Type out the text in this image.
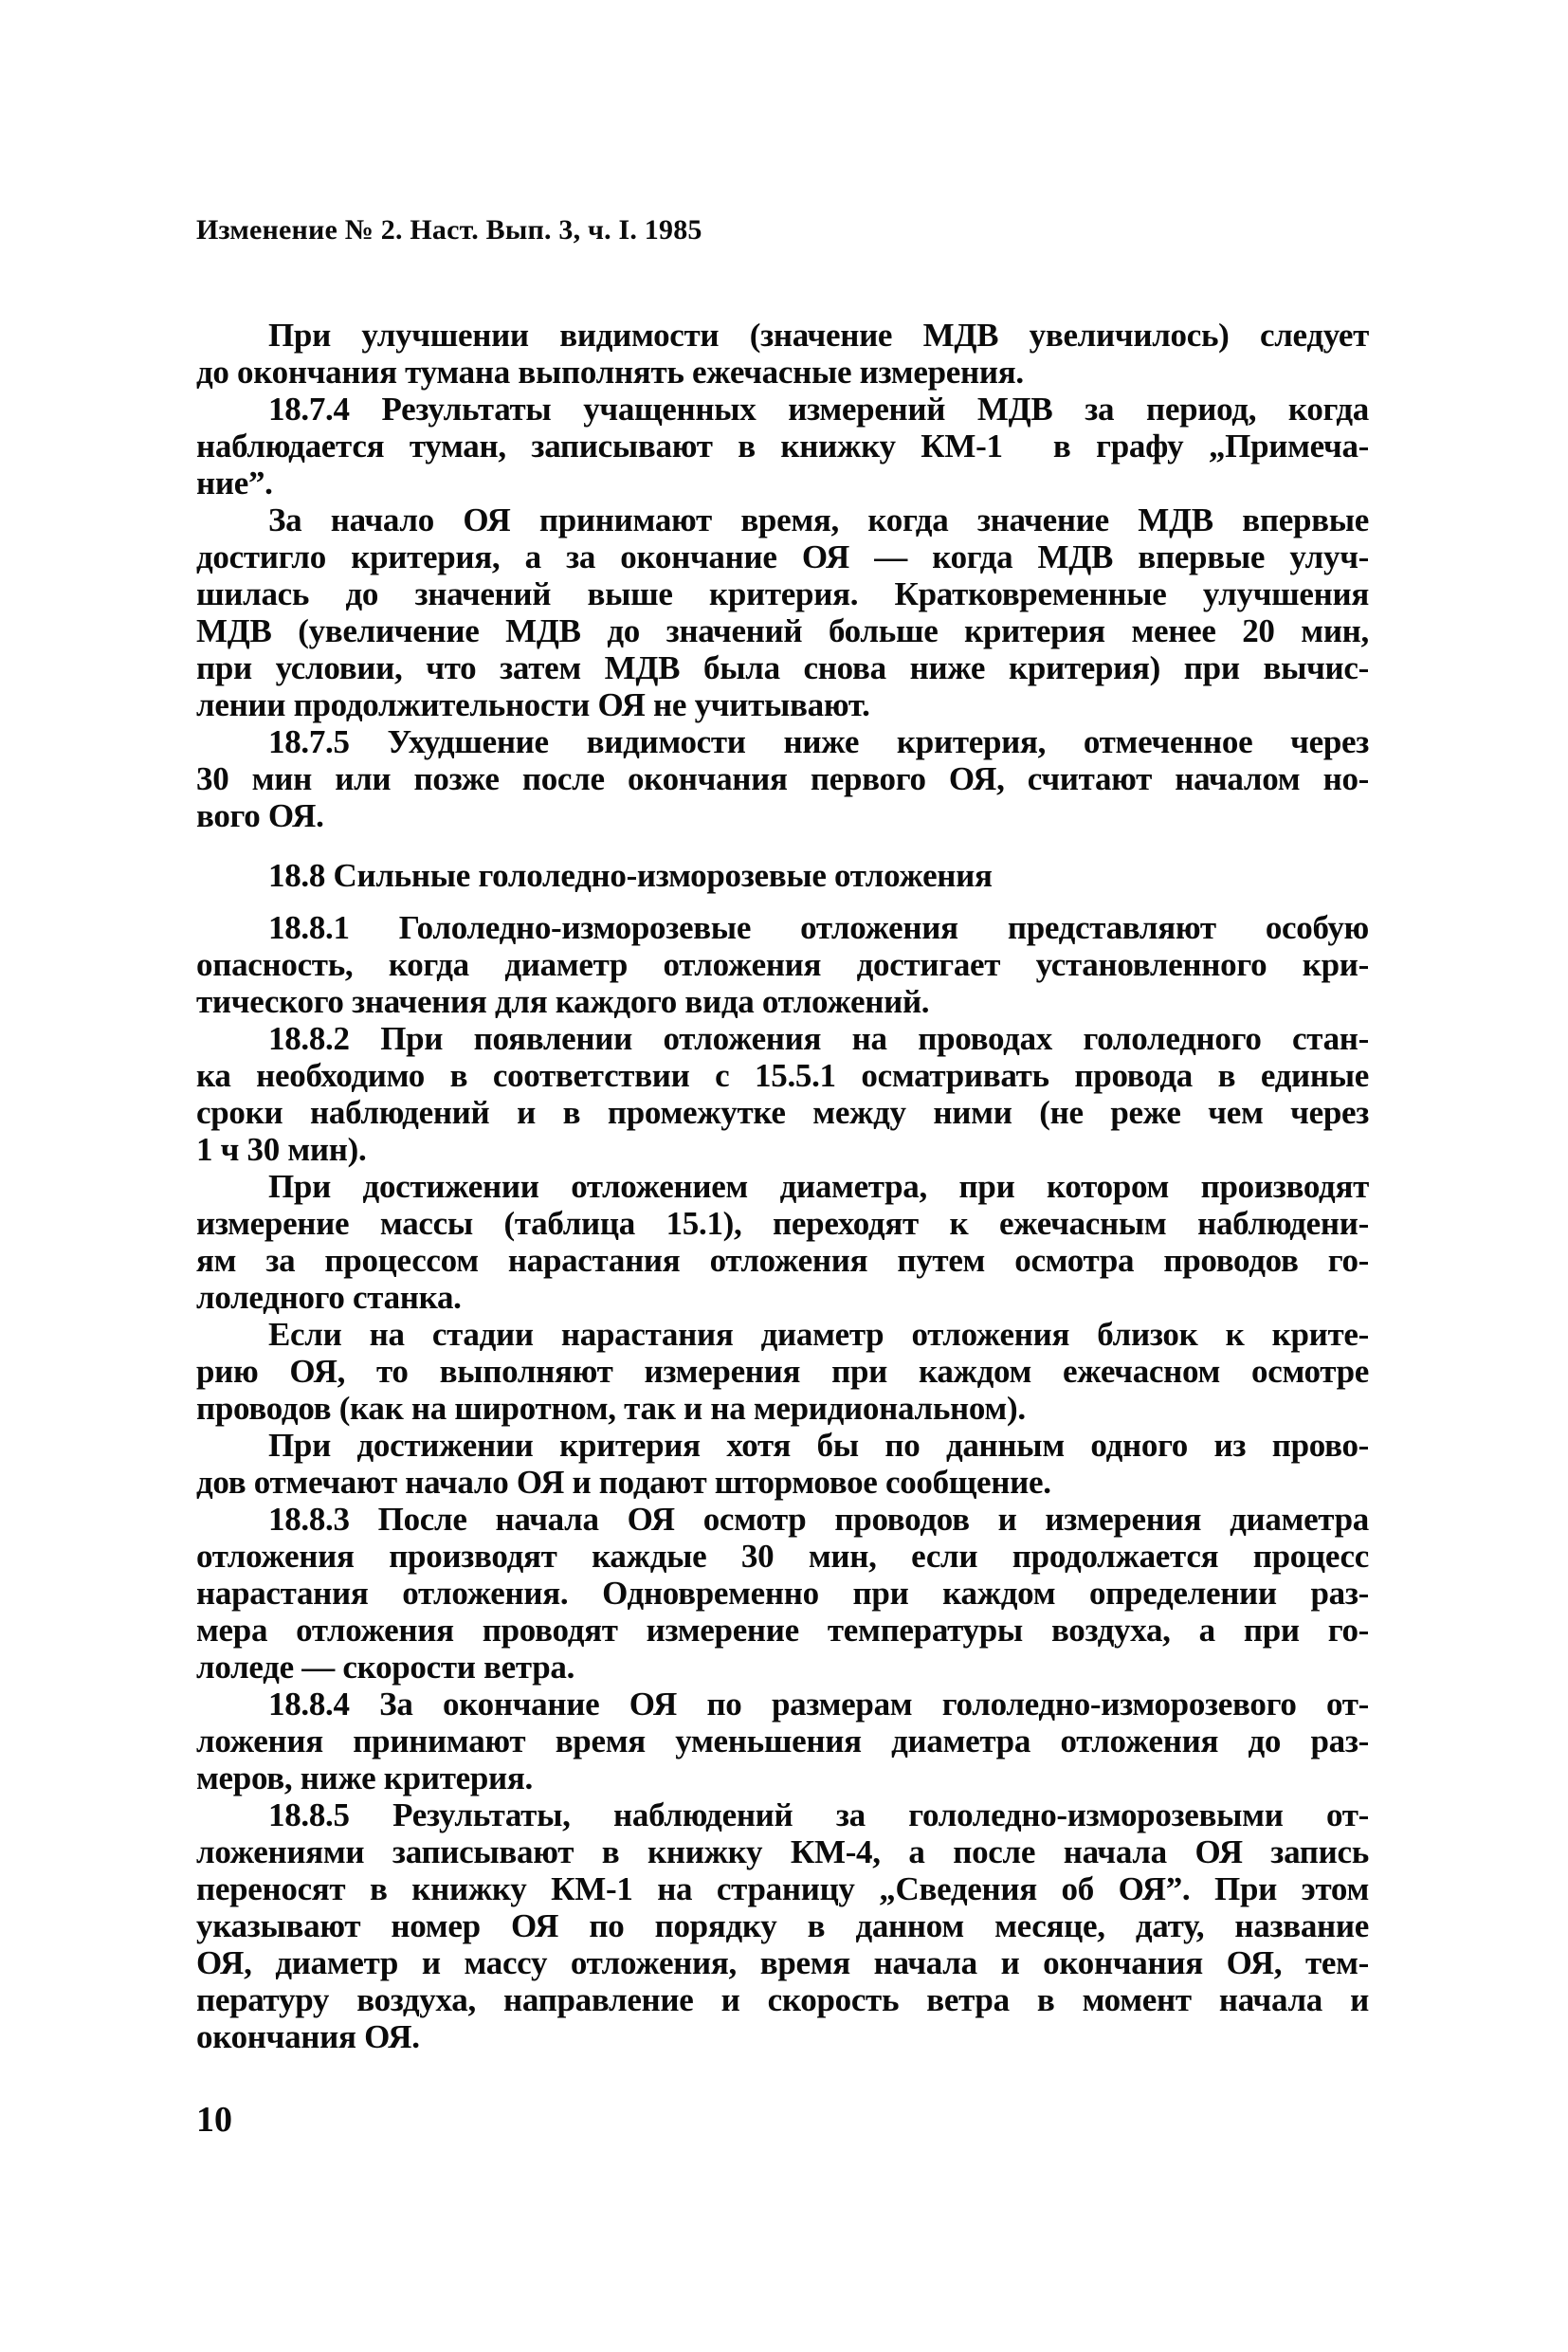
Изменение № 2. Наст. Вып. 3, ч. I. 1985
При улучшении видимости (значение МДВ увеличилось) следует
до окончания тумана выполнять ежечасные измерения.
18.7.4 Результаты учащенных измерений МДВ за период, когда
наблюдается туман, записывают в книжку КМ-1  в графу „Примеча-
ние”.
За начало ОЯ принимают время, когда значение МДВ впервые
достигло критерия, а за окончание ОЯ — когда МДВ впервые улуч-
шилась до значений выше критерия. Кратковременные улучшения
МДВ (увеличение МДВ до значений больше критерия менее 20 мин,
при условии, что затем МДВ была снова ниже критерия) при вычис-
лении продолжительности ОЯ не учитывают.
18.7.5 Ухудшение видимости ниже критерия, отмеченное через
30 мин или позже после окончания первого ОЯ, считают началом но-
вого ОЯ.
18.8 Сильные гололедно-изморозевые отложения
18.8.1 Гололедно-изморозевые отложения представляют особую
опасность, когда диаметр отложения достигает установленного кри-
тического значения для каждого вида отложений.
18.8.2 При появлении отложения на проводах гололедного стан-
ка необходимо в соответствии с 15.5.1 осматривать провода в единые
сроки наблюдений и в промежутке между ними (не реже чем через
1 ч 30 мин).
При достижении отложением диаметра, при котором производят
измерение массы (таблица 15.1), переходят к ежечасным наблюдени-
ям за процессом нарастания отложения путем осмотра проводов го-
лоледного станка.
Если на стадии нарастания диаметр отложения близок к крите-
рию ОЯ, то выполняют измерения при каждом ежечасном осмотре
проводов (как на широтном, так и на меридиональном).
При достижении критерия хотя бы по данным одного из прово-
дов отмечают начало ОЯ и подают штормовое сообщение.
18.8.3 После начала ОЯ осмотр проводов и измерения диаметра
отложения производят каждые 30 мин, если продолжается процесс
нарастания отложения. Одновременно при каждом определении раз-
мера отложения проводят измерение температуры воздуха, а при го-
лоледе — скорости ветра.
18.8.4 За окончание ОЯ по размерам гололедно-изморозевого от-
ложения принимают время уменьшения диаметра отложения до раз-
меров, ниже критерия.
18.8.5 Результаты, наблюдений за гололедно-изморозевыми от-
ложениями записывают в книжку КМ-4, а после начала ОЯ запись
переносят в книжку КМ-1 на страницу „Сведения об ОЯ”. При этом
указывают номер ОЯ по порядку в данном месяце, дату, название
ОЯ, диаметр и массу отложения, время начала и окончания ОЯ, тем-
пературу воздуха, направление и скорость ветра в момент начала и
окончания ОЯ.
10
